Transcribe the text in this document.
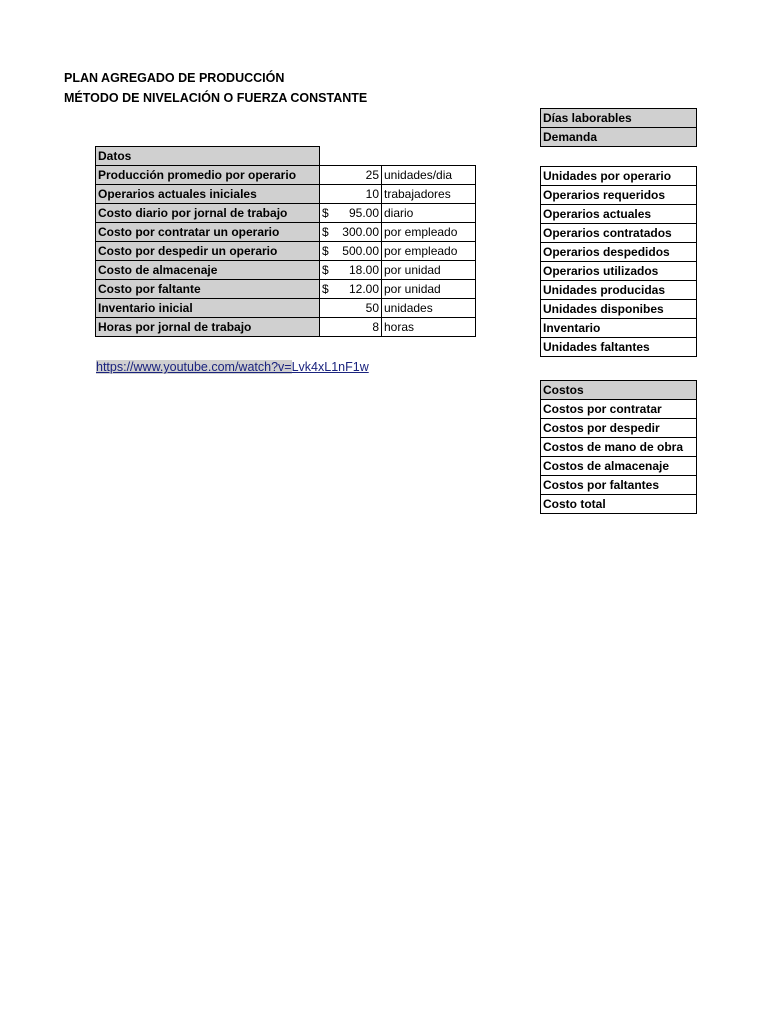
PLAN AGREGADO DE PRODUCCIÓN
MÉTODO DE NIVELACIÓN O FUERZA CONSTANTE
Datos		
Producción promedio por operario	25	unidades/dia
Operarios actuales iniciales	10	trabajadores
Costo diario por jornal de trabajo	$ 95.00	diario
Costo por contratar un operario	$ 300.00	por empleado
Costo por despedir un operario	$ 500.00	por empleado
Costo de almacenaje	$ 18.00	por unidad
Costo por faltante	$ 12.00	por unidad
Inventario inicial	50	unidades
Horas por jornal de trabajo	8	horas
https://www.youtube.com/watch?v=Lvk4xL1nF1w
Días laborables
Demanda
Unidades por operario
Operarios requeridos
Operarios actuales
Operarios contratados
Operarios despedidos
Operarios utilizados
Unidades producidas
Unidades disponibes
Inventario
Unidades faltantes
Costos
Costos por contratar
Costos por despedir
Costos de mano de obra
Costos de almacenaje
Costos por faltantes
Costo total
